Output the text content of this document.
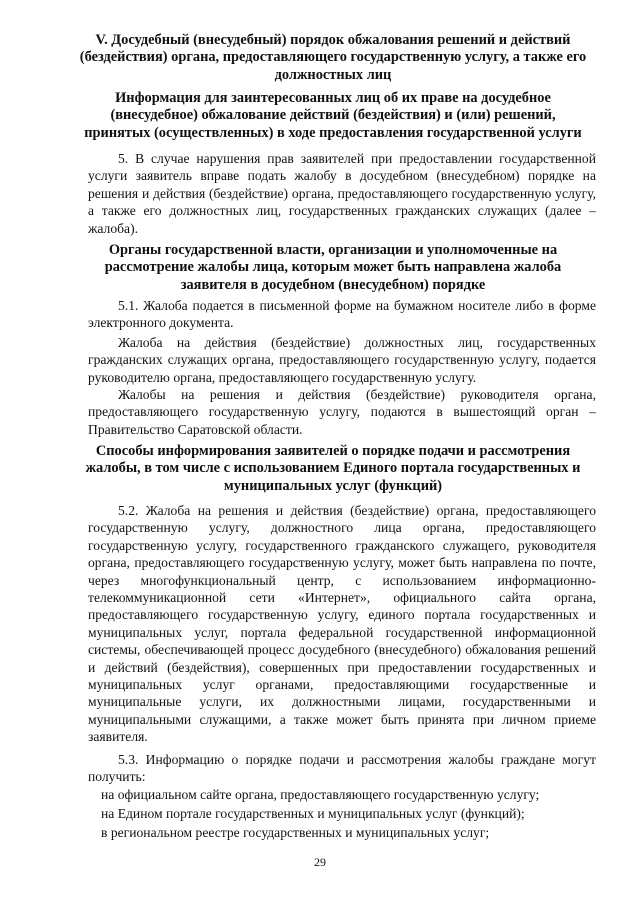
V. Досудебный (внесудебный) порядок обжалования решений и действий (бездействия) органа, предоставляющего государственную услугу, а также его должностных лиц
Информация для заинтересованных лиц об их праве на досудебное (внесудебное) обжалование действий (бездействия) и (или) решений, принятых (осуществленных) в ходе предоставления государственной услуги
5. В случае нарушения прав заявителей при предоставлении государственной услуги заявитель вправе подать жалобу в досудебном (внесудебном) порядке на решения и действия (бездействие) органа, предоставляющего государственную услугу, а также его должностных лиц, государственных гражданских служащих (далее – жалоба).
Органы государственной власти, организации и уполномоченные на рассмотрение жалобы лица, которым может быть направлена жалоба заявителя в досудебном (внесудебном) порядке
5.1. Жалоба подается в письменной форме на бумажном носителе либо в форме электронного документа.
Жалоба на действия (бездействие) должностных лиц, государственных гражданских служащих органа, предоставляющего государственную услугу, подается руководителю органа, предоставляющего государственную услугу.
Жалобы на решения и действия (бездействие) руководителя органа, предоставляющего государственную услугу, подаются в вышестоящий орган – Правительство Саратовской области.
Способы информирования заявителей о порядке подачи и рассмотрения жалобы, в том числе с использованием Единого портала государственных и муниципальных услуг (функций)
5.2. Жалоба на решения и действия (бездействие) органа, предоставляющего государственную услугу, должностного лица органа, предоставляющего государственную услугу, государственного гражданского служащего, руководителя органа, предоставляющего государственную услугу, может быть направлена по почте, через многофункциональный центр, с использованием информационно-телекоммуникационной сети «Интернет», официального сайта органа, предоставляющего государственную услугу, единого портала государственных и муниципальных услуг, портала федеральной государственной информационной системы, обеспечивающей процесс досудебного (внесудебного) обжалования решений и действий (бездействия), совершенных при предоставлении государственных и муниципальных услуг органами, предоставляющими государственные и муниципальные услуги, их должностными лицами, государственными и муниципальными служащими, а также может быть принята при личном приеме заявителя.
5.3. Информацию о порядке подачи и рассмотрения жалобы граждане могут получить:
на официальном сайте органа, предоставляющего государственную услугу;
на Едином портале государственных и муниципальных услуг (функций);
в региональном реестре государственных и муниципальных услуг;
29
